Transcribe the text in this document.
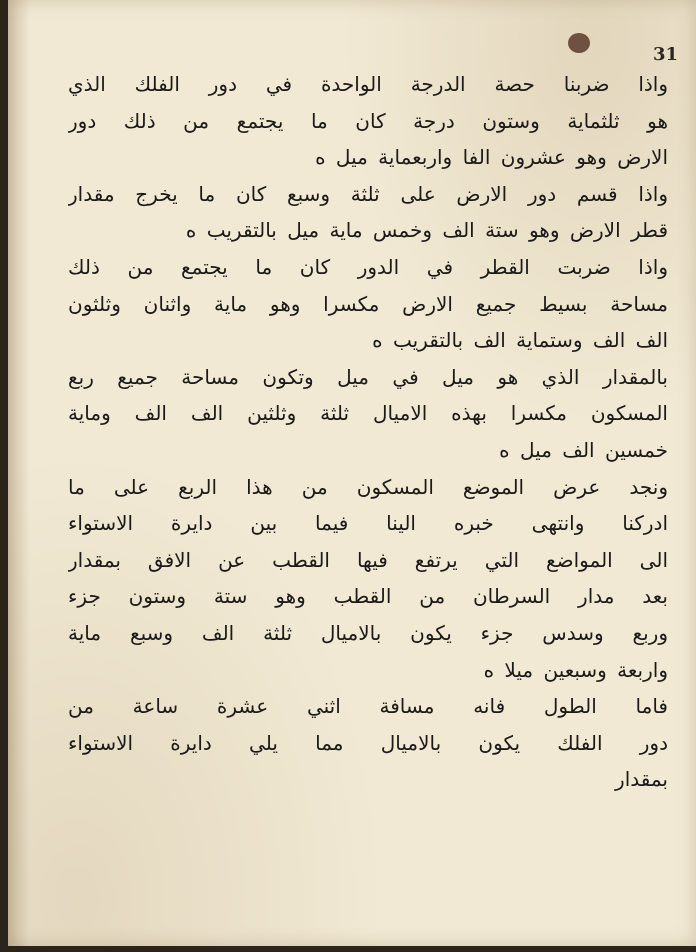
31
واذا ضربنا حصة الدرجة الواحدة في دور الفلك الذي
هو ثلثماية وستون درجة كان ما يجتمع من ذلك دور
الارض وهو عشرون الفا واربعماية ميل ه
واذا قسم دور الارض على ثلثة وسبع كان ما يخرج مقدار
قطر الارض وهو ستة الف وخمس ماية ميل بالتقريب ه
واذا ضربت القطر في الدور كان ما يجتمع من ذلك
مساحة بسيط جميع الارض مكسرا وهو ماية واثنان وثلثون
الف الف وستماية الف بالتقريب ه
بالمقدار الذي هو ميل في ميل وتكون مساحة جميع ربع
المسكون مكسرا بهذه الاميال ثلثة وثلثين الف الف وماية
خمسين الف ميل ه
ونجد عرض الموضع المسكون من هذا الربع على ما
ادركنا وانتهى خبره الينا فيما بين دايرة الاستواء
الى المواضع التي يرتفع فيها القطب عن الافق بمقدار
بعد مدار السرطان من القطب وهو ستة وستون جزء
وربع وسدس جزء يكون بالاميال ثلثة الف وسبع ماية
واربعة وسبعين ميلا ه
فاما الطول فانه مسافة اثني عشرة ساعة من
دور الفلك يكون بالاميال مما يلي دايرة الاستواء
بمقدار
